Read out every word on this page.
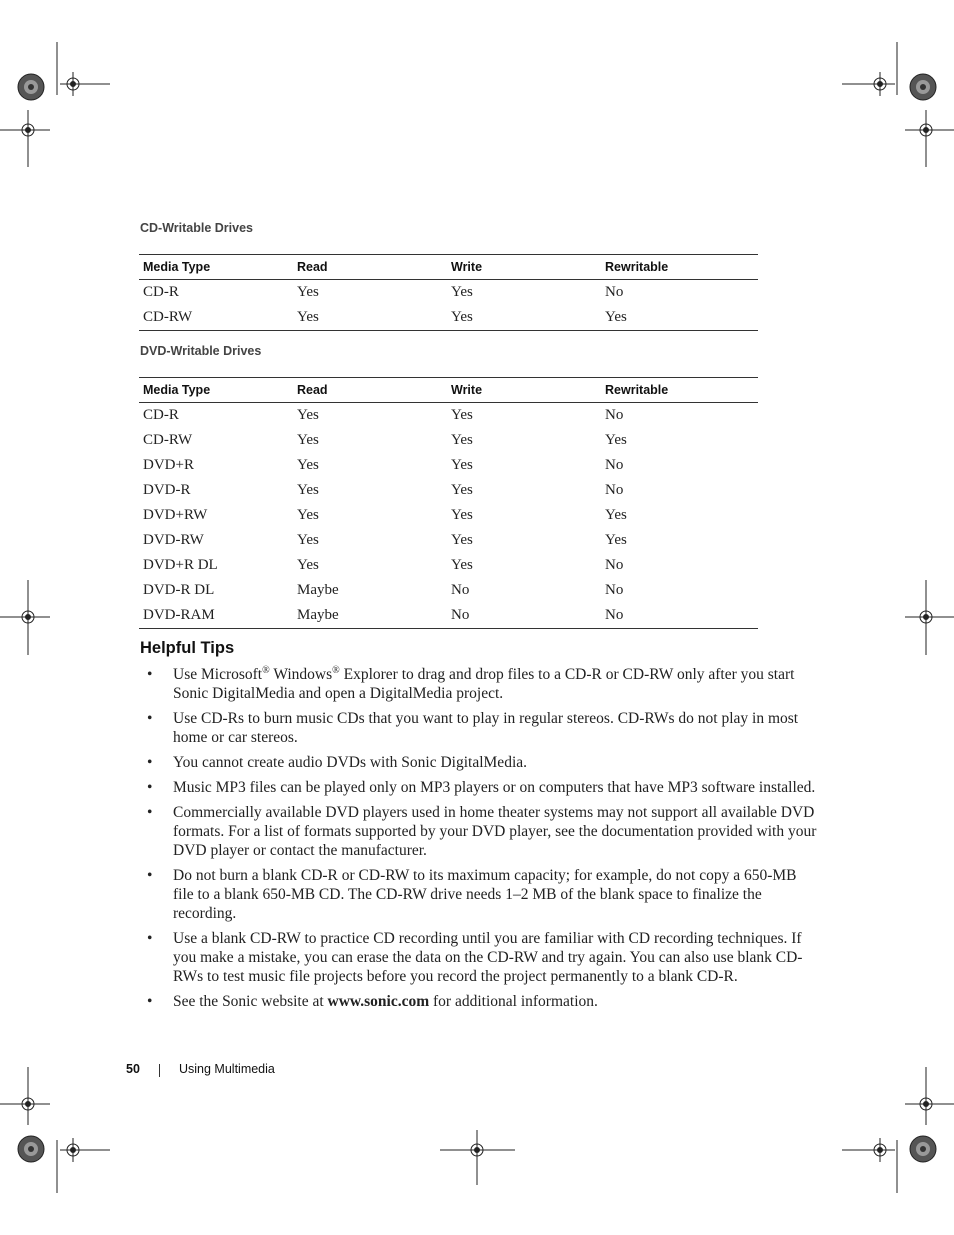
CD-Writable Drives
Media Type	Read	Write	Rewritable
CD-R	Yes	Yes	No
CD-RW	Yes	Yes	Yes
DVD-Writable Drives
Media Type	Read	Write	Rewritable
CD-R	Yes	Yes	No
CD-RW	Yes	Yes	Yes
DVD+R	Yes	Yes	No
DVD-R	Yes	Yes	No
DVD+RW	Yes	Yes	Yes
DVD-RW	Yes	Yes	Yes
DVD+R DL	Yes	Yes	No
DVD-R DL	Maybe	No	No
DVD-RAM	Maybe	No	No
Helpful Tips
• Use Microsoft® Windows® Explorer to drag and drop files to a CD-R or CD-RW only after you start Sonic DigitalMedia and open a DigitalMedia project.
• Use CD-Rs to burn music CDs that you want to play in regular stereos. CD-RWs do not play in most home or car stereos.
• You cannot create audio DVDs with Sonic DigitalMedia.
• Music MP3 files can be played only on MP3 players or on computers that have MP3 software installed.
• Commercially available DVD players used in home theater systems may not support all available DVD formats. For a list of formats supported by your DVD player, see the documentation provided with your DVD player or contact the manufacturer.
• Do not burn a blank CD-R or CD-RW to its maximum capacity; for example, do not copy a 650-MB file to a blank 650-MB CD. The CD-RW drive needs 1–2 MB of the blank space to finalize the recording.
• Use a blank CD-RW to practice CD recording until you are familiar with CD recording techniques. If you make a mistake, you can erase the data on the CD-RW and try again. You can also use blank CD-RWs to test music file projects before you record the project permanently to a blank CD-R.
• See the Sonic website at www.sonic.com for additional information.
50	Using Multimedia
